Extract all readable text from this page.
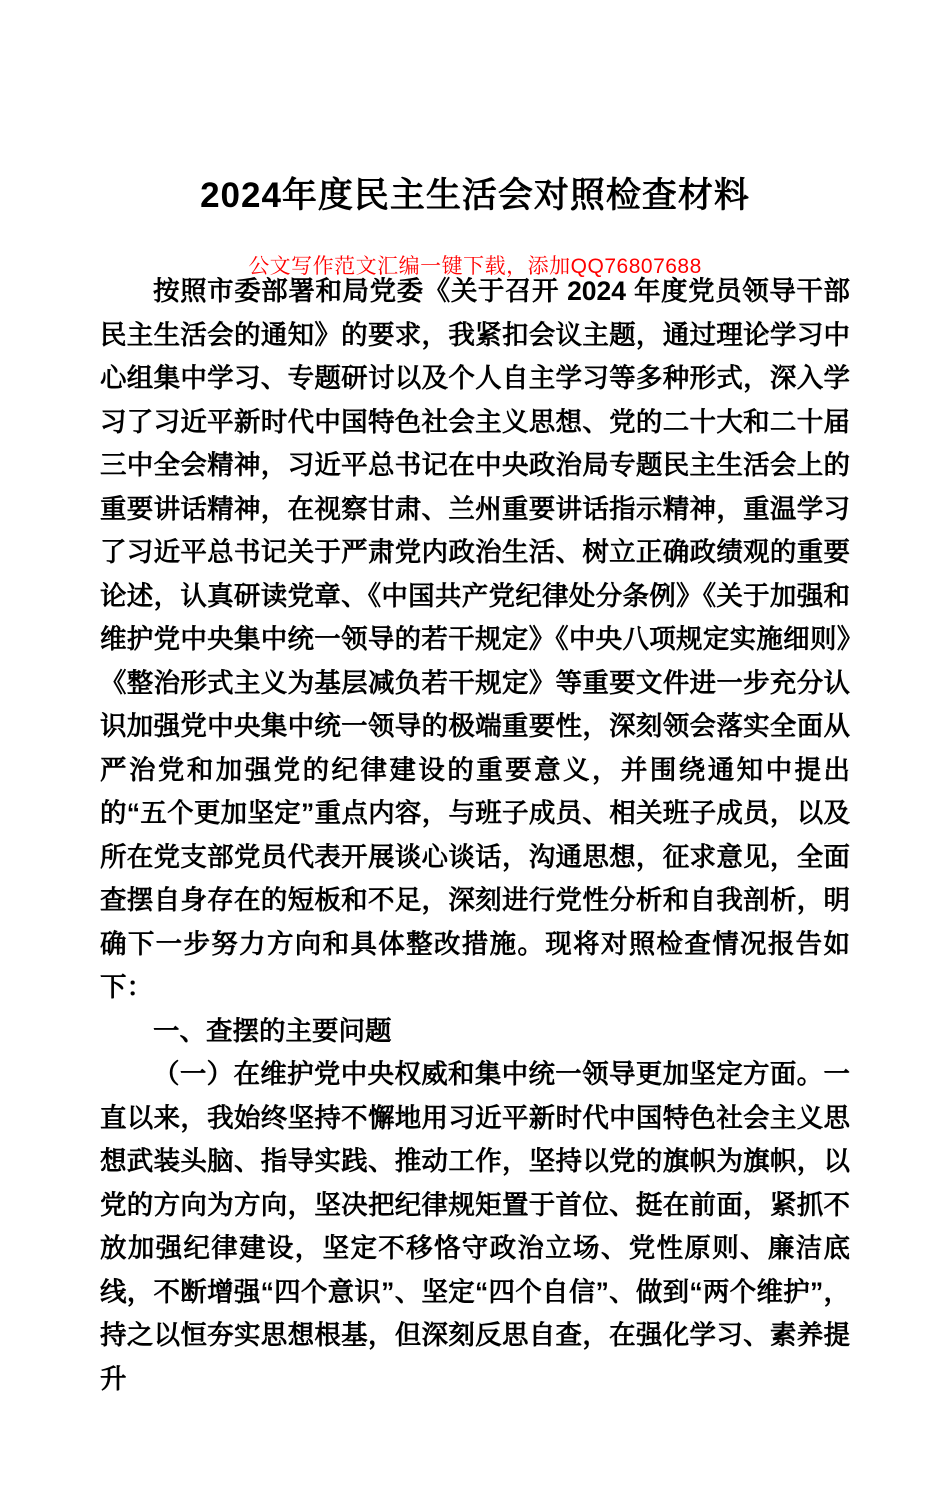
公文写作范文汇编一键下载，添加QQ76807688
2024年度民主生活会对照检查材料

按照市委部署和局党委《关于召开 2024 年度党员领导干部民主生活会的通知》的要求，我紧扣会议主题，通过理论学习中心组集中学习、专题研讨以及个人自主学习等多种形式，深入学习了习近平新时代中国特色社会主义思想、党的二十大和二十届三中全会精神，习近平总书记在中央政治局专题民主生活会上的重要讲话精神，在视察甘肃、兰州重要讲话指示精神，重温学习了习近平总书记关于严肃党内政治生活、树立正确政绩观的重要论述，认真研读党章、《中国共产党纪律处分条例》《关于加强和维护党中央集中统一领导的若干规定》《中央八项规定实施细则》《整治形式主义为基层减负若干规定》等重要文件进一步充分认识加强党中央集中统一领导的极端重要性，深刻领会落实全面从严治党和加强党的纪律建设的重要意义，并围绕通知中提出的“五个更加坚定”重点内容，与班子成员、相关班子成员，以及所在党支部党员代表开展谈心谈话，沟通思想，征求意见，全面查摆自身存在的短板和不足，深刻进行党性分析和自我剖析，明确下一步努力方向和具体整改措施。现将对照检查情况报告如下：

一、查摆的主要问题

（一）在维护党中央权威和集中统一领导更加坚定方面。一直以来，我始终坚持不懈地用习近平新时代中国特色社会主义思想武装头脑、指导实践、推动工作，坚持以党的旗帜为旗帜，以党的方向为方向，坚决把纪律规矩置于首位、挺在前面，紧抓不放加强纪律建设，坚定不移恪守政治立场、党性原则、廉洁底线，不断增强“四个意识”、坚定“四个自信”、做到“两个维护”，持之以恒夯实思想根基，但深刻反思自查，在强化学习、素养提升
